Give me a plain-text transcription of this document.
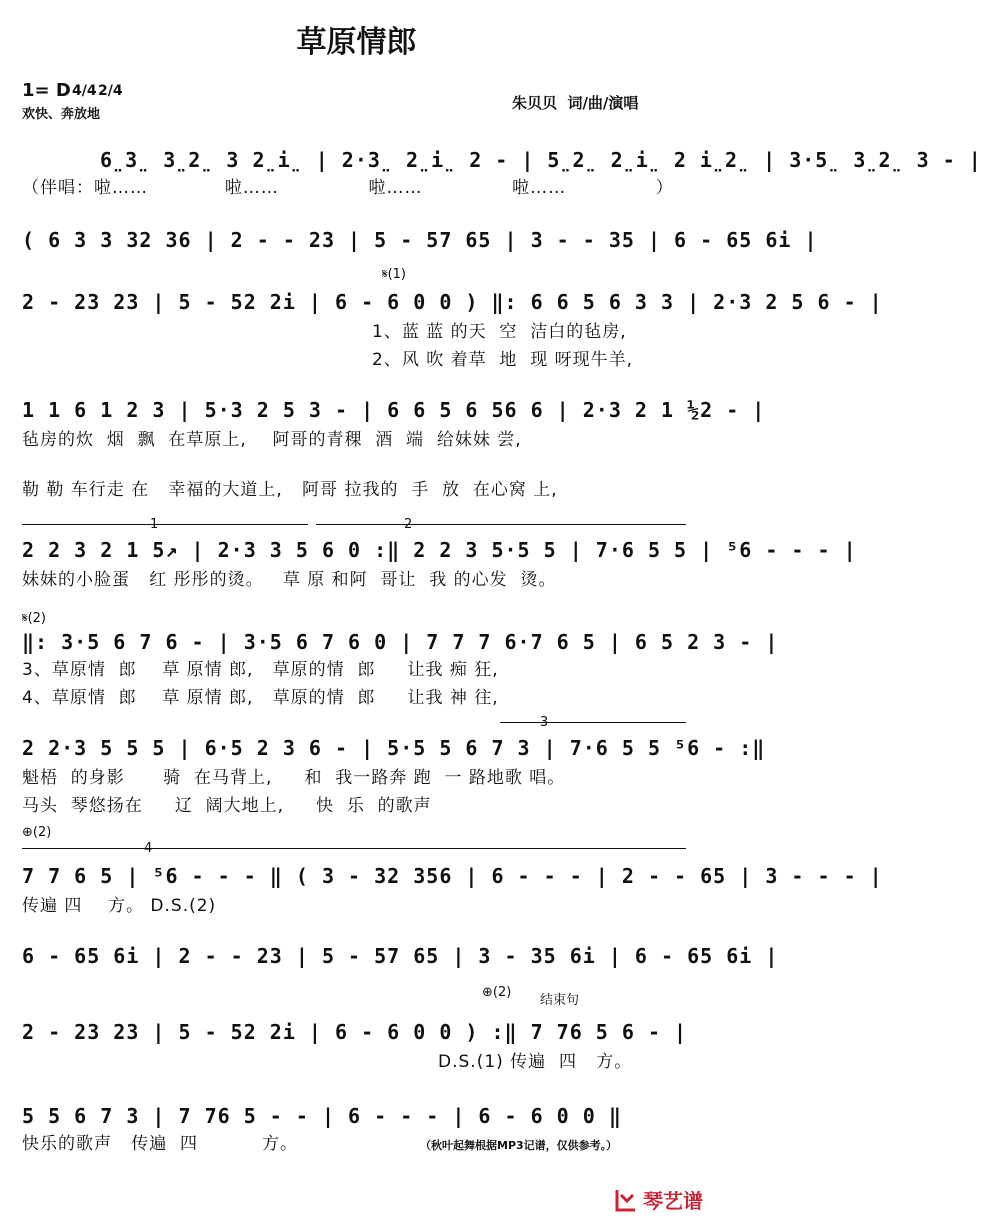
草原情郎
1= D 4/4 2/4
欢快、奔放地
朱贝贝  词/曲/演唱
6̤3̤ 3̤2̤ 3 2̤i̤ | 2·3̤ 2̤i̤ 2 - | 5̤2̤ 2̤i̤ 2 i̤2̤ | 3·5̤ 3̤2̤ 3 - |
（伴唱：啦……            啦……              啦……              啦……              ）
( 6 3 3 32 36 | 2 - - 23 | 5 - 57 65 | 3 - - 35 | 6 - 65 6i |
𝄋(1)
2 - 23 23 | 5 - 52 2i | 6 - 6 0 0 ) ‖: 6 6 5 6 3 3 | 2·3 2 5 6 - |
1、蓝 蓝 的天  空  洁白的毡房,
2、风 吹 着草  地  现 呀现牛羊,
1 1 6 1 2 3 | 5·3 2 5 3 - | 6 6 5 6 56 6 | 2·3 2 1 ½2 - |
毡房的炊  烟  飘  在草原上,    阿哥的青稞  酒  端  给妹妹 尝,
勒 勒 车行走 在   幸福的大道上,   阿哥 拉我的  手  放  在心窝 上,
1	2
2 2 3 2 1 5↗ | 2·3 3 5 6 0 :‖ 2 2 3 5·5 5 | 7·6 5 5 | ⁵6 - - - |
妹妹的小脸蛋   红 彤彤的烫。   草 原 和阿  哥让  我 的心发  烫。
𝄋(2)
‖: 3·5 6 7 6 - | 3·5 6 7 6 0 | 7 7 7 6·7 6 5 | 6 5 2 3 - |
3、草原情  郎    草 原情 郎,   草原的情  郎     让我 痴 狂,
4、草原情  郎    草 原情 郎,   草原的情  郎     让我 神 往,
3
2 2·3 5 5 5 | 6·5 2 3 6 - | 5·5 5 6 7 3 | 7·6 5 5 ⁵6 - :‖
魁梧  的身影      骑  在马背上,     和  我一路奔 跑  一 路地歌 唱。
马头  琴悠扬在     辽  阔大地上,     快  乐  的歌声
⊕(2)
4
7 7 6 5 | ⁵6 - - - ‖ ( 3 - 32 356 | 6 - - - | 2 - - 65 | 3 - - - |
传遍 四    方。 D.S.(2)
6 - 65 6i | 2 - - 23 | 5 - 57 65 | 3 - 35 6i | 6 - 65 6i |
⊕(2)
结束句
2 - 23 23 | 5 - 52 2i | 6 - 6 0 0 ) :‖ 7 76 5 6 - |
D.S.(1) 传遍  四   方。
5 5 6 7 3 | 7 76 5 - - | 6 - - - | 6 - 6 0 0 ‖
快乐的歌声   传遍  四          方。	（秋叶起舞根据MP3记谱，仅供参考。）
琴艺谱
